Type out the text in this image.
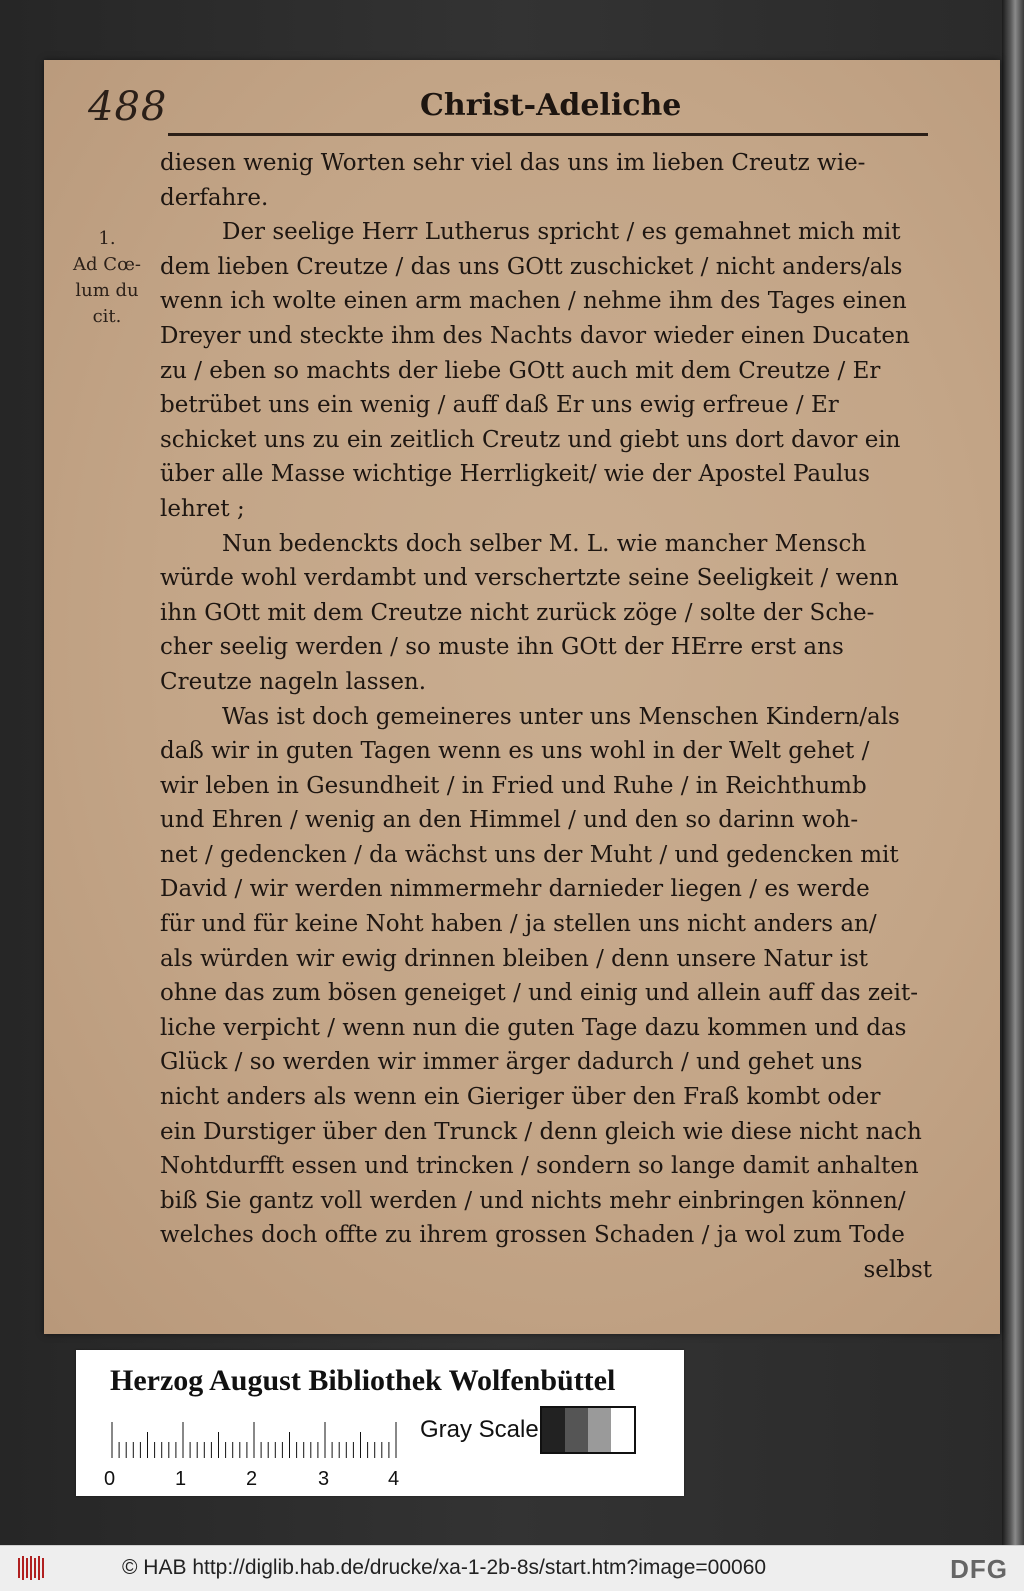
488	Christ-Adeliche
1.
Ad Cœ-
lum du
cit.
diesen wenig Worten sehr viel das uns im lieben Creutz wie-
derfahre.
Der seelige Herr Lutherus spricht / es gemahnet mich mit
dem lieben Creutze / das uns GOtt zuschicket / nicht anders/als
wenn ich wolte einen arm machen / nehme ihm des Tages einen
Dreyer und steckte ihm des Nachts davor wieder einen Ducaten
zu / eben so machts der liebe GOtt auch mit dem Creutze / Er
betrübet uns ein wenig / auff daß Er uns ewig erfreue / Er
schicket uns zu ein zeitlich Creutz und giebt uns dort davor ein
über alle Masse wichtige Herrligkeit/ wie der Apostel Paulus
lehret ;
Nun bedenckts doch selber M. L. wie mancher Mensch
würde wohl verdambt und verschertzte seine Seeligkeit / wenn
ihn GOtt mit dem Creutze nicht zurück zöge / solte der Sche-
cher seelig werden / so muste ihn GOtt der HErre erst ans
Creutze nageln lassen.
Was ist doch gemeineres unter uns Menschen Kindern/als
daß wir in guten Tagen wenn es uns wohl in der Welt gehet /
wir leben in Gesundheit / in Fried und Ruhe / in Reichthumb
und Ehren / wenig an den Himmel / und den so darinn woh-
net / gedencken / da wächst uns der Muht / und gedencken mit
David / wir werden nimmermehr darnieder liegen / es werde
für und für keine Noht haben / ja stellen uns nicht anders an/
als würden wir ewig drinnen bleiben / denn unsere Natur ist
ohne das zum bösen geneiget / und einig und allein auff das zeit-
liche verpicht / wenn nun die guten Tage dazu kommen und das
Glück / so werden wir immer ärger dadurch / und gehet uns
nicht anders als wenn ein Gieriger über den Fraß kombt oder
ein Durstiger über den Trunck / denn gleich wie diese nicht nach
Nohtdurfft essen und trincken / sondern so lange damit anhalten
biß Sie gantz voll werden / und nichts mehr einbringen können/
welches doch offte zu ihrem grossen Schaden / ja wol zum Tode
selbst
Herzog August Bibliothek Wolfenbüttel
0	1	2	3	4
Gray Scale
© HAB http://diglib.hab.de/drucke/xa-1-2b-8s/start.htm?image=00060	DFG
